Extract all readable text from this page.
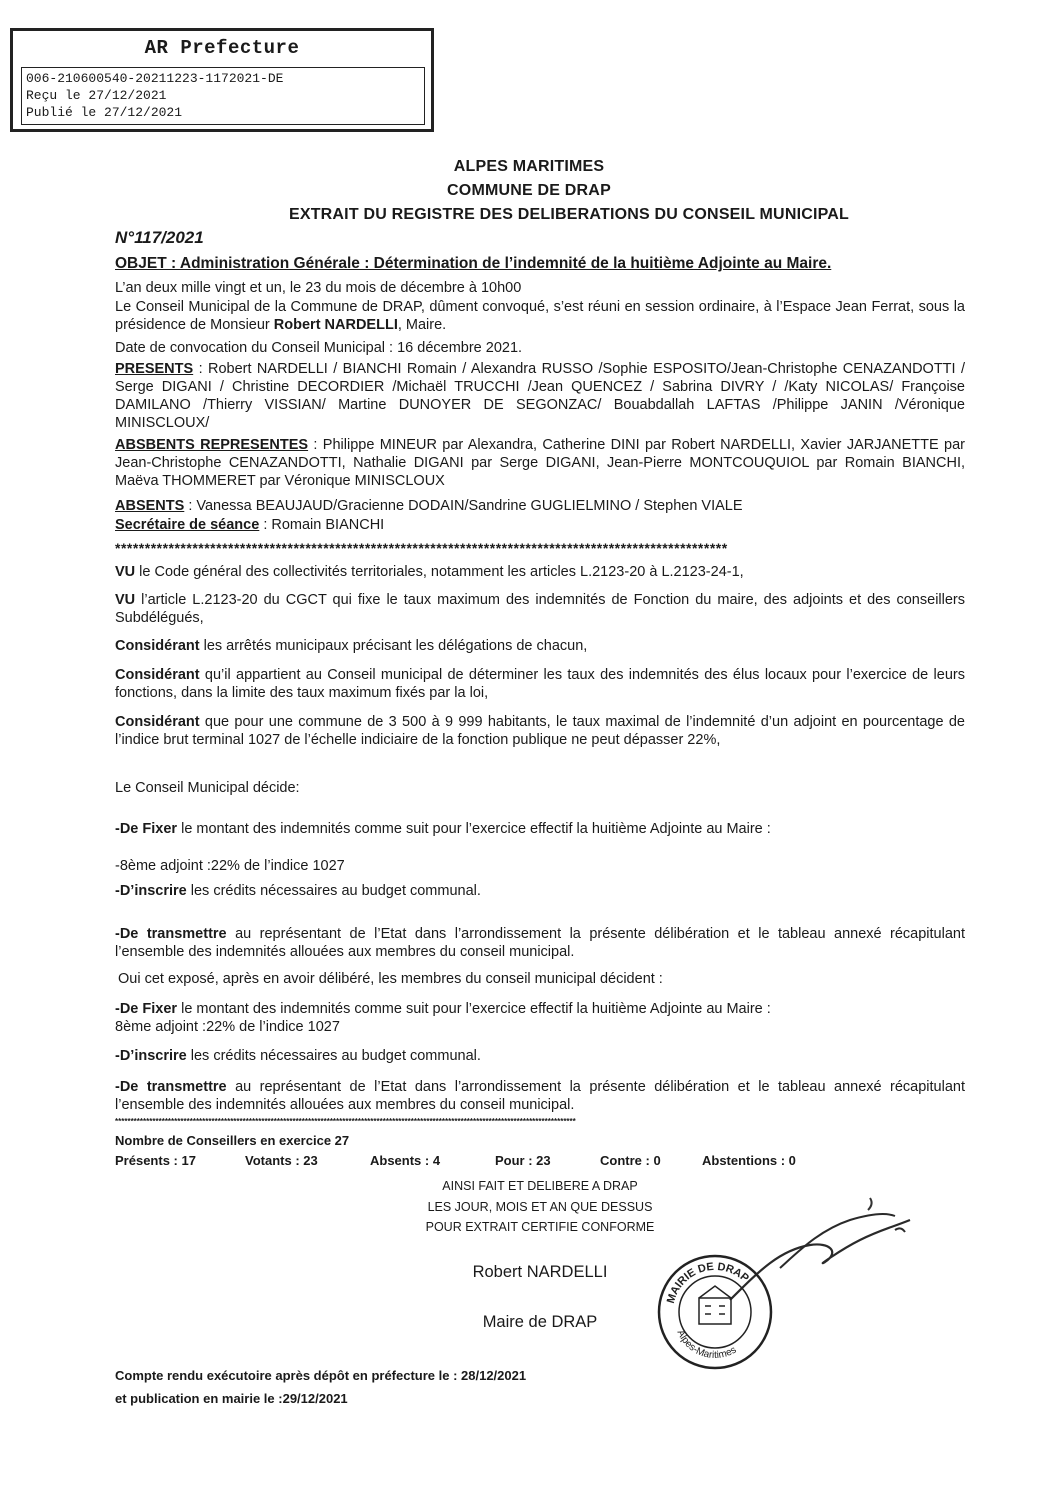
AR Prefecture
006-210600540-20211223-1172021-DE
Reçu le 27/12/2021
Publié le 27/12/2021
ALPES MARITIMES
COMMUNE DE DRAP
EXTRAIT DU REGISTRE DES DELIBERATIONS DU CONSEIL MUNICIPAL
N°117/2021
OBJET : Administration Générale : Détermination de l’indemnité de la huitième Adjointe au Maire.
L’an deux mille vingt et un, le 23 du mois de décembre à 10h00
Le Conseil Municipal de la Commune de DRAP, dûment convoqué, s’est réuni en session ordinaire, à l’Espace Jean Ferrat, sous la présidence de Monsieur Robert NARDELLI, Maire.
Date de convocation du Conseil Municipal : 16 décembre 2021.
PRESENTS : Robert NARDELLI / BIANCHI Romain / Alexandra RUSSO /Sophie ESPOSITO/Jean-Christophe CENAZANDOTTI / Serge DIGANI / Christine DECORDIER /Michaël TRUCCHI /Jean QUENCEZ / Sabrina DIVRY / /Katy NICOLAS/ Françoise DAMILANO /Thierry VISSIAN/ Martine DUNOYER DE SEGONZAC/ Bouabdallah LAFTAS /Philippe JANIN /Véronique MINISCLOUX/
ABSBENTS REPRESENTES : Philippe MINEUR par Alexandra, Catherine DINI par Robert NARDELLI, Xavier JARJANETTE par Jean-Christophe CENAZANDOTTI, Nathalie DIGANI par Serge DIGANI, Jean-Pierre MONTCOUQUIOL par Romain BIANCHI, Maëva THOMMERET par Véronique MINISCLOUX
ABSENTS : Vanessa BEAUJAUD/Gracienne DODAIN/Sandrine GUGLIELMINO / Stephen VIALE
Secrétaire de séance : Romain BIANCHI
*******************************************************************************************************
VU le Code général des collectivités territoriales, notamment les articles L.2123-20 à L.2123-24-1,
VU l’article L.2123-20 du CGCT qui fixe le taux maximum des indemnités de Fonction du maire, des adjoints et des conseillers Subdélégués,
Considérant les arrêtés municipaux précisant les délégations de chacun,
Considérant qu’il appartient au Conseil municipal de déterminer les taux des indemnités des élus locaux pour l’exercice de leurs fonctions, dans la limite des taux maximum fixés par la loi,
Considérant que pour une commune de 3 500 à 9 999 habitants, le taux maximal de l’indemnité d’un adjoint en pourcentage de l’indice brut terminal 1027 de l’échelle indiciaire de la fonction publique ne peut dépasser 22%,
Le Conseil Municipal décide:
-De Fixer le montant des indemnités comme suit pour l’exercice effectif la huitième Adjointe au Maire :
-8ème adjoint :22% de l’indice 1027
-D’inscrire les crédits nécessaires au budget communal.
-De transmettre au représentant de l’Etat dans l’arrondissement la présente délibération et le tableau annexé récapitulant l’ensemble des indemnités allouées aux membres du conseil municipal.
Oui cet exposé, après en avoir délibéré, les membres du conseil municipal décident :
-De Fixer le montant des indemnités comme suit pour l’exercice effectif la huitième Adjointe au Maire :
8ème adjoint :22% de l’indice 1027
-D’inscrire les crédits nécessaires au budget communal.
-De transmettre au représentant de l’Etat dans l’arrondissement la présente délibération et le tableau annexé récapitulant l’ensemble des indemnités allouées aux membres du conseil municipal.
****************************************************************************************************************************************************
Nombre de Conseillers en exercice 27
Présents : 17	Votants : 23	Absents : 4	Pour : 23	Contre : 0	Abstentions : 0
AINSI FAIT ET DELIBERE A DRAP
LES JOUR, MOIS ET AN QUE DESSUS
POUR EXTRAIT CERTIFIE CONFORME
Robert NARDELLI
Maire de DRAP
MAIRIE DE DRAP
Alpes-Maritimes
Compte rendu exécutoire après dépôt en préfecture le : 28/12/2021
et publication en mairie le :29/12/2021
